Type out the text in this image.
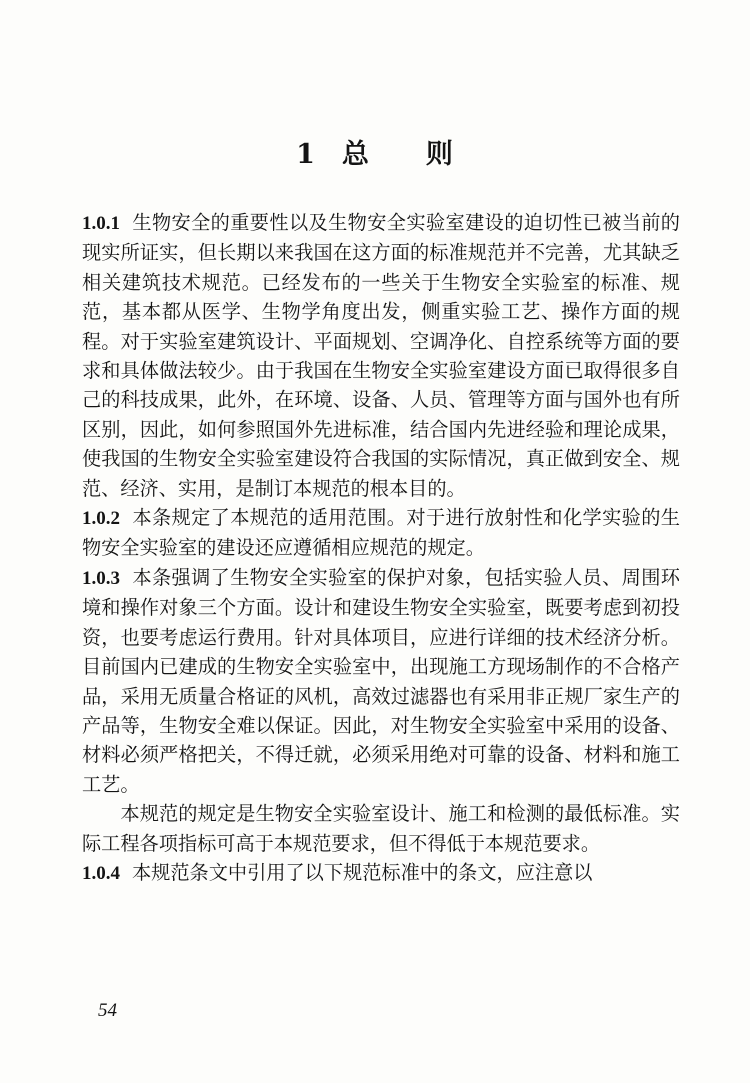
1 总 则

1.0.1 生物安全的重要性以及生物安全实验室建设的迫切性已被当前的现实所证实，但长期以来我国在这方面的标准规范并不完善，尤其缺乏相关建筑技术规范。已经发布的一些关于生物安全实验室的标准、规范，基本都从医学、生物学角度出发，侧重实验工艺、操作方面的规程。对于实验室建筑设计、平面规划、空调净化、自控系统等方面的要求和具体做法较少。由于我国在生物安全实验室建设方面已取得很多自己的科技成果，此外，在环境、设备、人员、管理等方面与国外也有所区别，因此，如何参照国外先进标准，结合国内先进经验和理论成果，使我国的生物安全实验室建设符合我国的实际情况，真正做到安全、规范、经济、实用，是制订本规范的根本目的。

1.0.2 本条规定了本规范的适用范围。对于进行放射性和化学实验的生物安全实验室的建设还应遵循相应规范的规定。

1.0.3 本条强调了生物安全实验室的保护对象，包括实验人员、周围环境和操作对象三个方面。设计和建设生物安全实验室，既要考虑到初投资，也要考虑运行费用。针对具体项目，应进行详细的技术经济分析。目前国内已建成的生物安全实验室中，出现施工方现场制作的不合格产品，采用无质量合格证的风机，高效过滤器也有采用非正规厂家生产的产品等，生物安全难以保证。因此，对生物安全实验室中采用的设备、材料必须严格把关，不得迁就，必须采用绝对可靠的设备、材料和施工工艺。

本规范的规定是生物安全实验室设计、施工和检测的最低标准。实际工程各项指标可高于本规范要求，但不得低于本规范要求。

1.0.4 本规范条文中引用了以下规范标准中的条文，应注意以

54
